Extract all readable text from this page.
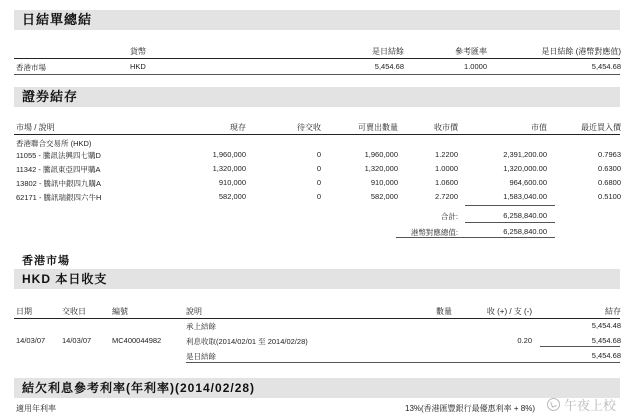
日結單總結
貨幣	是日結餘	參考匯率	是日結餘 (港幣對應值)
香港市場	HKD	5,454.68	1.0000	5,454.68
證券結存
市場 / 說明	現存	待交收	可賣出數量	收市價	市值	最近買入價
香港聯合交易所 (HKD)
11055 - 騰訊法興四七購D	1,960,000	0	1,960,000	1.2200	2,391,200.00	0.7963
11342 - 騰訊東亞四甲購A	1,320,000	0	1,320,000	1.0000	1,320,000.00	0.6300
13802 - 騰訊中銀四九購A	910,000	0	910,000	1.0600	964,600.00	0.6800
62171 - 騰訊瑞銀四六牛H	582,000	0	582,000	2.7200	1,583,040.00	0.5100
合計:	6,258,840.00
港幣對應總值:	6,258,840.00
香港市場
HKD 本日收支
日期	交收日	編號	說明	數量	收 (+) / 支 (-)	結存
承上結餘	5,454.48
14/03/07 14/03/07	MC400044982	利息收取(2014/02/01 至 2014/02/28)	0.20	5,454.68
是日結餘	5,454.68
結欠利息參考利率(年利率)(2014/02/28)
適用年利率	13%(香港匯豐銀行最優惠利率 + 8%) 午夜上校
